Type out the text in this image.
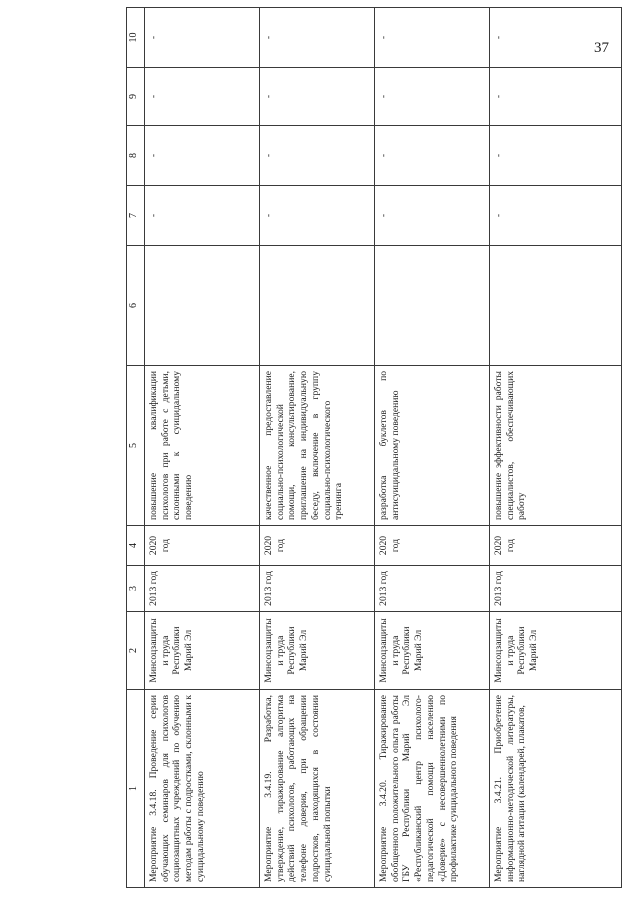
37
1	2	3	4	5	6	7	8	9	10
Мероприятие 3.4.18. Проведение серии обучающих семинаров для психологов социозащитных учреждений по обучению методам работы с подростками, склонными к суицидальному поведению	Минсоцзащиты и труда Республики Марий Эл	2013 год	2020 год	повышение квалификации психологов при работе с детьми, склонными к суицидальному поведению		-	-	-	-
Мероприятие 3.4.19. Разработка, утверждение, тиражирование алгоритма действий психологов, работающих на телефоне доверия, при обращении подростков, находящихся в состоянии суицидальной попытки	Минсоцзащиты и труда Республики Марий Эл	2013 год	2020 год	качественное предоставление социально-психологической помощи, консультирование, приглашение на индивидуальную беседу, включение в группу социально-психологического тренинга		-	-	-	-
Мероприятие 3.4.20. Тиражирование обобщенного положительного опыта работы ГБУ Республики Марий Эл «Республиканский центр психолого-педагогической помощи населению «Доверие» с несовершеннолетними по профилактике суицидального поведения	Минсоцзащиты и труда Республики Марий Эл	2013 год	2020 год	разработка буклетов по антисуицидальному поведению		-	-	-	-
Мероприятие 3.4.21. Приобретение информационно-методической литературы, наглядной агитации (календарей, плакатов,	Минсоцзащиты и труда Республики Марий Эл	2013 год	2020 год	повышение эффективности работы специалистов, обеспечивающих работу		-	-	-	-
